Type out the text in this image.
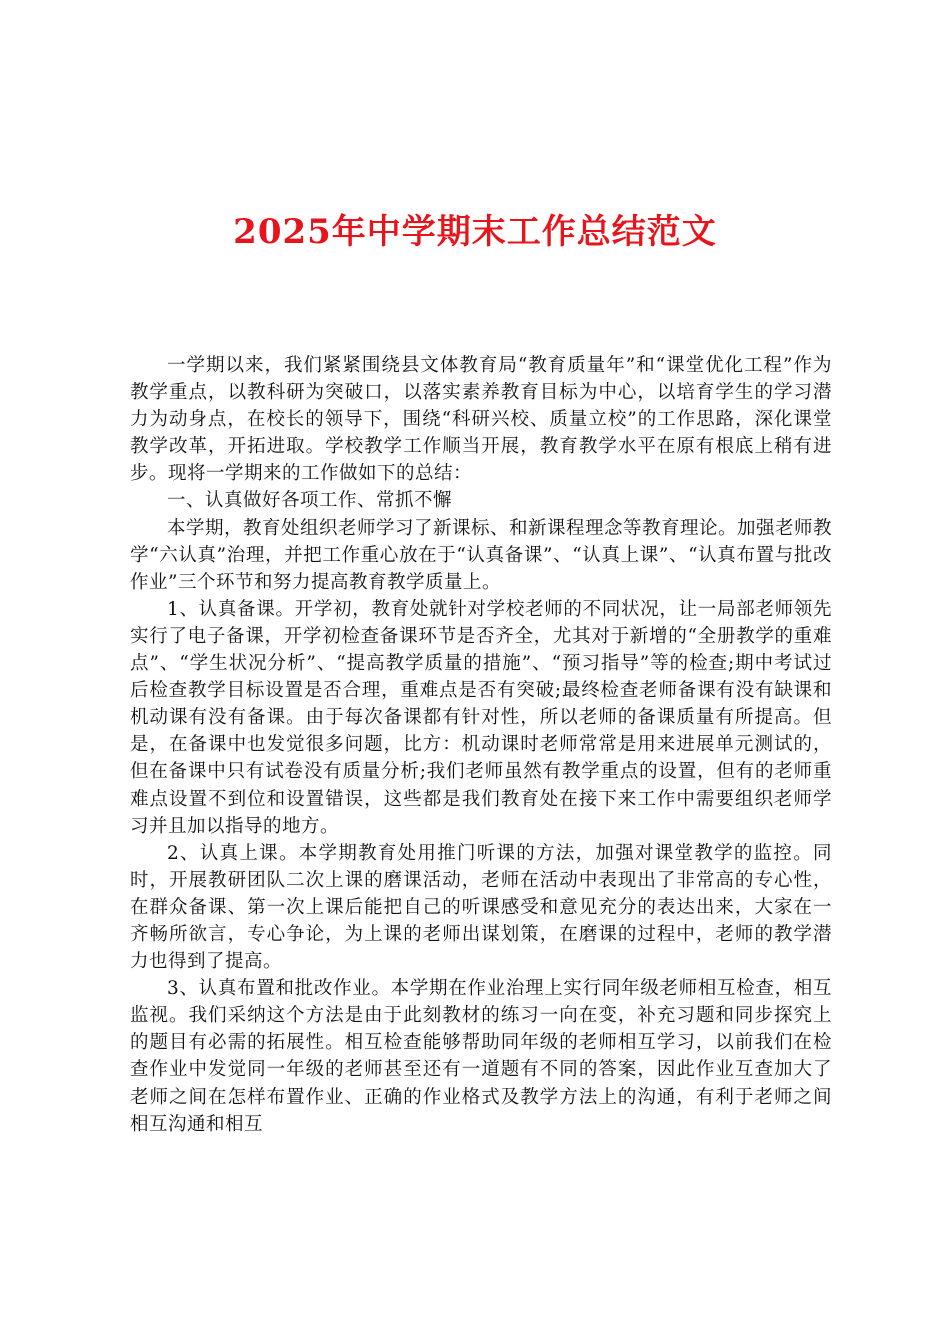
2025年中学期末工作总结范文

一学期以来，我们紧紧围绕县文体教育局“教育质量年”和“课堂优化工程”作为教学重点，以教科研为突破口，以落实素养教育目标为中心，以培育学生的学习潜力为动身点，在校长的领导下，围绕“科研兴校、质量立校”的工作思路，深化课堂教学改革，开拓进取。学校教学工作顺当开展，教育教学水平在原有根底上稍有进步。现将一学期来的工作做如下的总结：

一、认真做好各项工作、常抓不懈

本学期，教育处组织老师学习了新课标、和新课程理念等教育理论。加强老师教学“六认真”治理，并把工作重心放在于“认真备课”、“认真上课”、“认真布置与批改作业”三个环节和努力提高教育教学质量上。

1、认真备课。开学初，教育处就针对学校老师的不同状况，让一局部老师领先实行了电子备课，开学初检查备课环节是否齐全，尤其对于新增的“全册教学的重难点”、“学生状况分析”、“提高教学质量的措施”、“预习指导”等的检查;期中考试过后检查教学目标设置是否合理，重难点是否有突破;最终检查老师备课有没有缺课和机动课有没有备课。由于每次备课都有针对性，所以老师的备课质量有所提高。但是，在备课中也发觉很多问题，比方：机动课时老师常常是用来进展单元测试的，但在备课中只有试卷没有质量分析;我们老师虽然有教学重点的设置，但有的老师重难点设置不到位和设置错误，这些都是我们教育处在接下来工作中需要组织老师学习并且加以指导的地方。

2、认真上课。本学期教育处用推门听课的方法，加强对课堂教学的监控。同时，开展教研团队二次上课的磨课活动，老师在活动中表现出了非常高的专心性，在群众备课、第一次上课后能把自己的听课感受和意见充分的表达出来，大家在一齐畅所欲言，专心争论，为上课的老师出谋划策，在磨课的过程中，老师的教学潜力也得到了提高。

3、认真布置和批改作业。本学期在作业治理上实行同年级老师相互检查，相互监视。我们采纳这个方法是由于此刻教材的练习一向在变，补充习题和同步探究上的题目有必需的拓展性。相互检查能够帮助同年级的老师相互学习，以前我们在检查作业中发觉同一年级的老师甚至还有一道题有不同的答案，因此作业互查加大了老师之间在怎样布置作业、正确的作业格式及教学方法上的沟通，有利于老师之间相互沟通和相互
